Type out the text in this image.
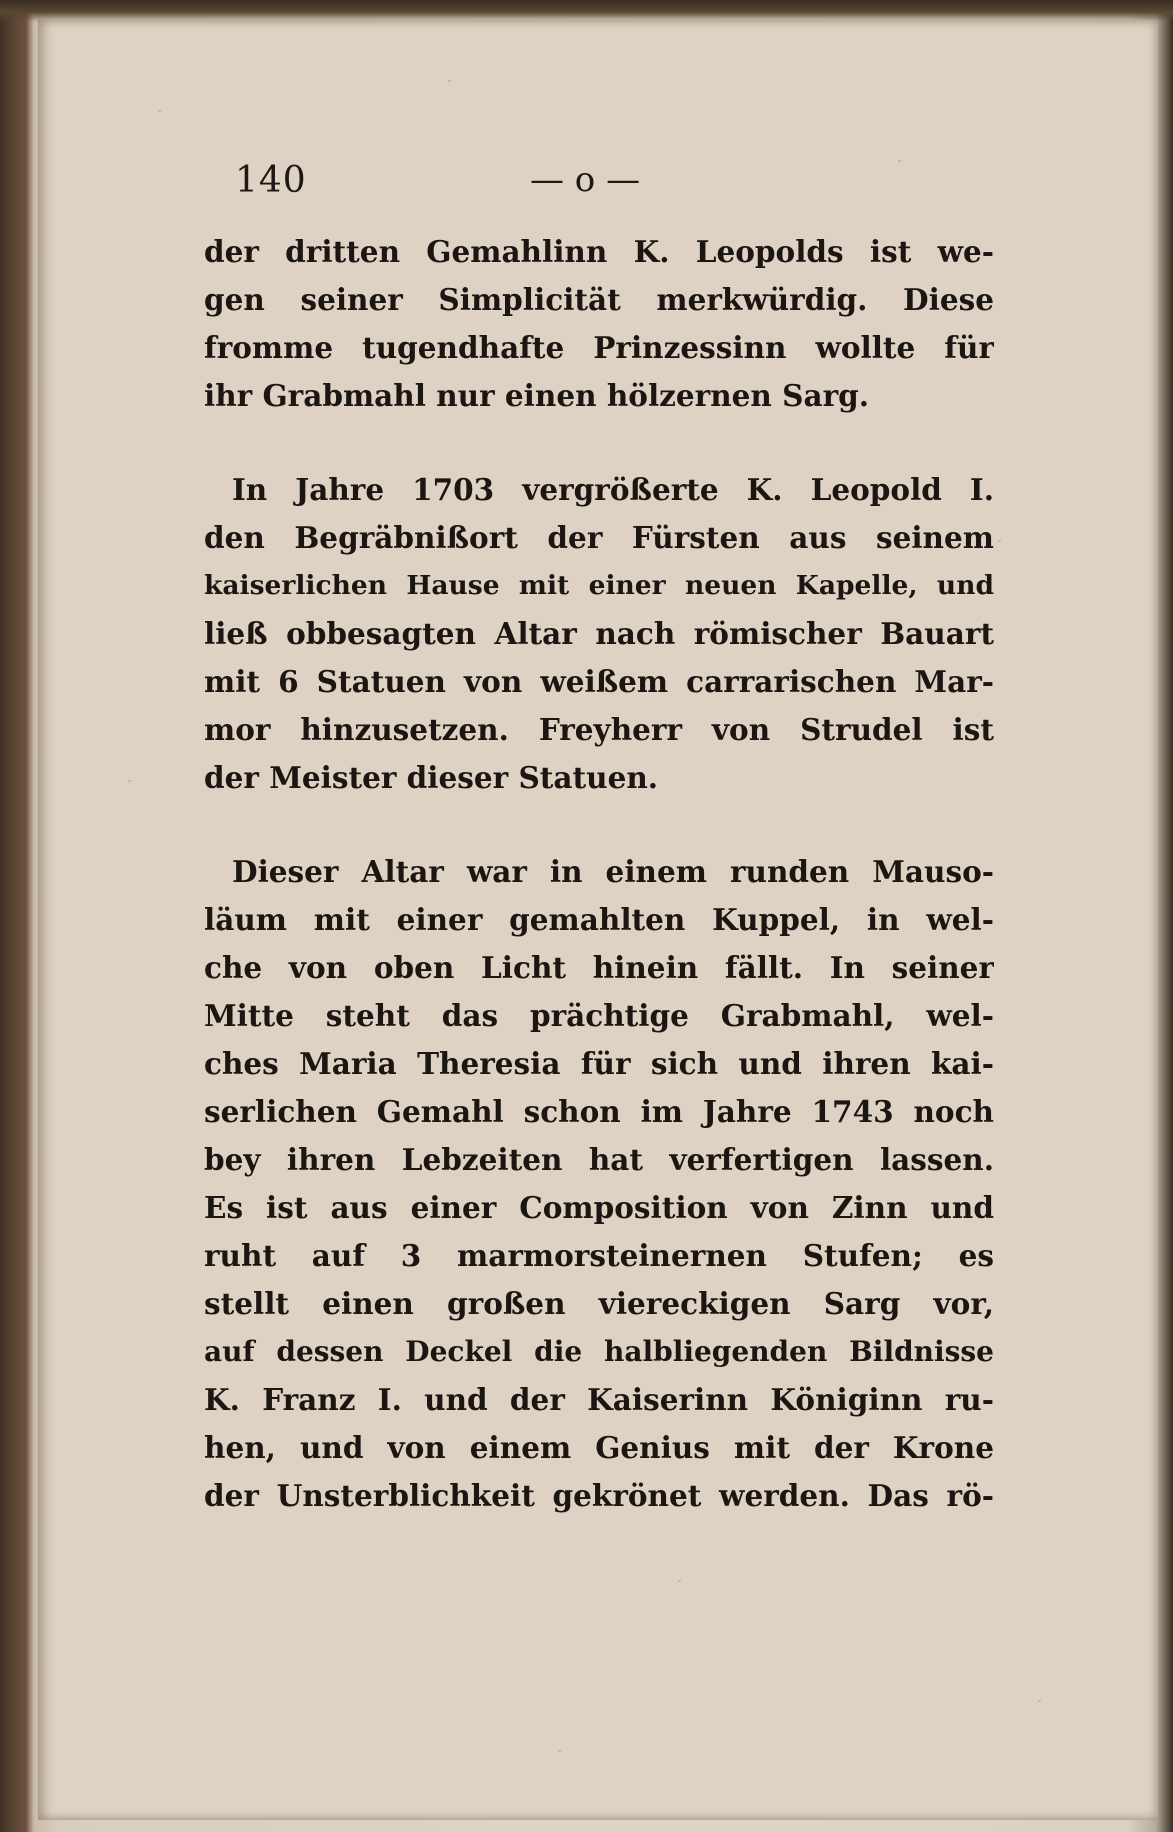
140	— o —
der dritten Gemahlinn K. Leopolds ist we-
gen seiner Simplicität merkwürdig. Diese
fromme tugendhafte Prinzessinn wollte für
ihr Grabmahl nur einen hölzernen Sarg.
In Jahre 1703 vergrößerte K. Leopold I.
den Begräbnißort der Fürsten aus seinem
kaiserlichen Hause mit einer neuen Kapelle, und
ließ obbesagten Altar nach römischer Bauart
mit 6 Statuen von weißem carrarischen Mar-
mor hinzusetzen. Freyherr von Strudel ist
der Meister dieser Statuen.
Dieser Altar war in einem runden Mauso-
läum mit einer gemahlten Kuppel, in wel-
che von oben Licht hinein fällt. In seiner
Mitte steht das prächtige Grabmahl, wel-
ches Maria Theresia für sich und ihren kai-
serlichen Gemahl schon im Jahre 1743 noch
bey ihren Lebzeiten hat verfertigen lassen.
Es ist aus einer Composition von Zinn und
ruht auf 3 marmorsteinernen Stufen; es
stellt einen großen viereckigen Sarg vor,
auf dessen Deckel die halbliegenden Bildnisse
K. Franz I. und der Kaiserinn Königinn ru-
hen, und von einem Genius mit der Krone
der Unsterblichkeit gekrönet werden. Das rö-
